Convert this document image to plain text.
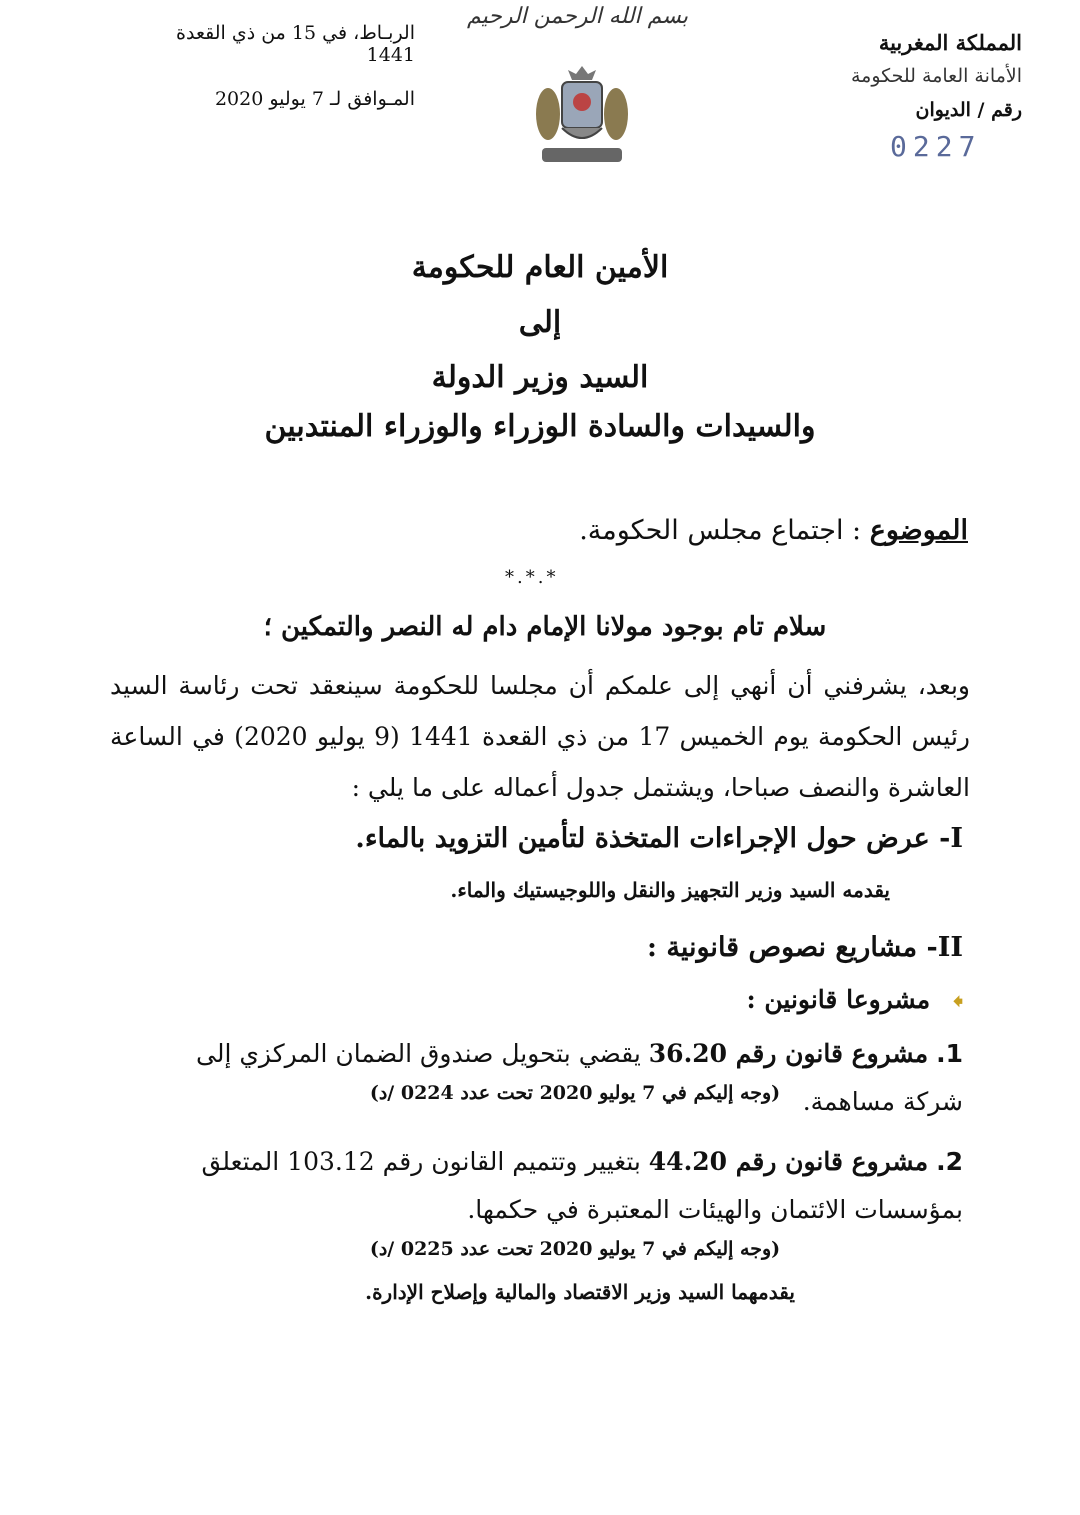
المملكة المغربية
الأمانة العامة للحكومة
رقم / الديوان
0227
بسم الله الرحمن الرحيم
الربـاط، في 15 من ذي القعدة 1441
المـوافق لـ 7 يوليو 2020
الأمين العام للحكومة
إلى
السيد وزير الدولة
والسيدات والسادة الوزراء والوزراء المنتدبين
الموضوع : اجتماع مجلس الحكومة.
*.*.*
سلام تام بوجود مولانا الإمام دام له النصر والتمكين ؛
وبعد، يشرفني أن أنهي إلى علمكم أن مجلسا للحكومة سينعقد تحت رئاسة السيد رئيس الحكومة يوم الخميس 17 من ذي القعدة 1441 (9 يوليو 2020) في الساعة العاشرة والنصف صباحا، ويشتمل جدول أعماله على ما يلي :
I- عرض حول الإجراءات المتخذة لتأمين التزويد بالماء.
يقدمه السيد وزير التجهيز والنقل واللوجيستيك والماء.
II- مشاريع نصوص قانونية :
🠸 مشروعا قانونين :
1. مشروع قانون رقم 36.20 يقضي بتحويل صندوق الضمان المركزي إلى شركة مساهمة.
(وجه إليكم في 7 يوليو 2020 تحت عدد 0224 /د)
2. مشروع قانون رقم 44.20 بتغيير وتتميم القانون رقم 103.12 المتعلق بمؤسسات الائتمان والهيئات المعتبرة في حكمها.
(وجه إليكم في 7 يوليو 2020 تحت عدد 0225 /د)
يقدمهما السيد وزير الاقتصاد والمالية وإصلاح الإدارة.
